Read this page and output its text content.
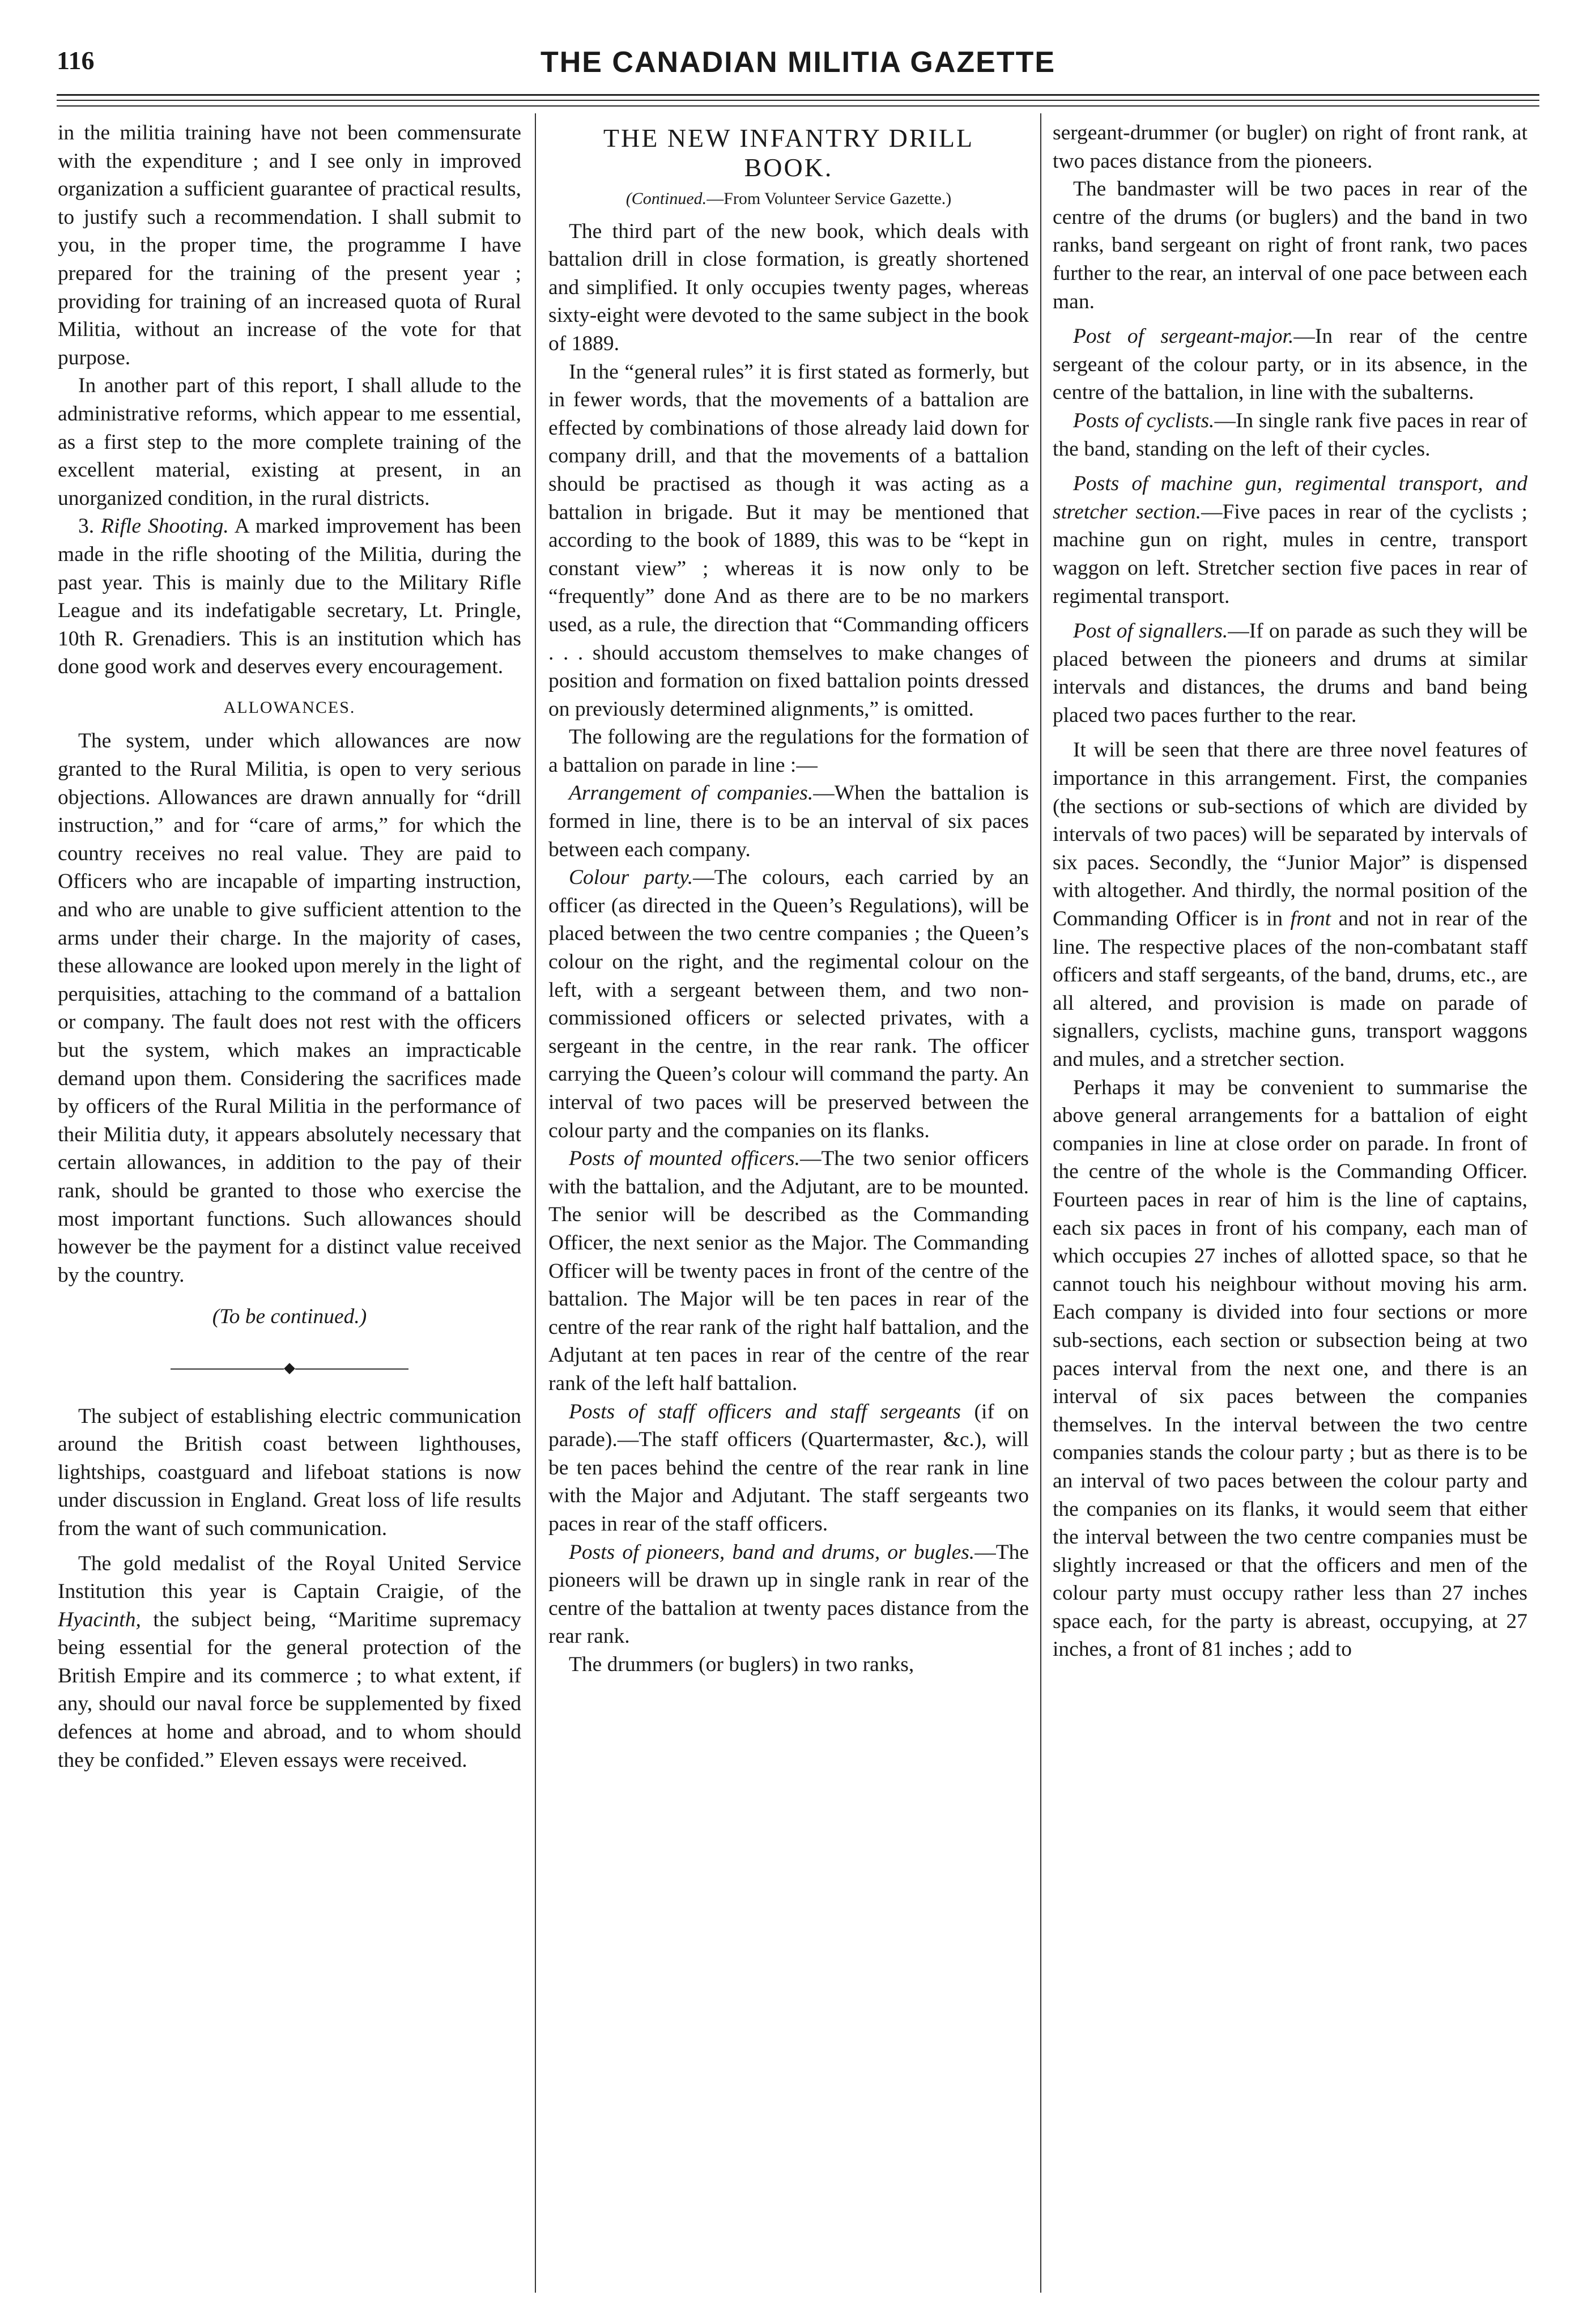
116	THE CANADIAN MILITIA GAZETTE

in the militia training have not been commensurate with the expenditure ; and I see only in improved organization a sufficient guarantee of practical results, to justify such a recommendation. I shall submit to you, in the proper time, the programme I have prepared for the training of the present year ; providing for training of an increased quota of Rural Militia, without an increase of the vote for that purpose.

In another part of this report, I shall allude to the administrative reforms, which appear to me essential, as a first step to the more complete training of the excellent material, existing at present, in an unorganized condition, in the rural districts.

3. Rifle Shooting. A marked improvement has been made in the rifle shooting of the Militia, during the past year. This is mainly due to the Military Rifle League and its indefatigable secretary, Lt. Pringle, 10th R. Grenadiers. This is an institution which has done good work and deserves every encouragement.

ALLOWANCES.

The system, under which allowances are now granted to the Rural Militia, is open to very serious objections. Allowances are drawn annually for “drill instruction,” and for “care of arms,” for which the country receives no real value. They are paid to Officers who are incapable of imparting instruction, and who are unable to give sufficient attention to the arms under their charge. In the majority of cases, these allowance are looked upon merely in the light of perquisities, attaching to the command of a battalion or company. The fault does not rest with the officers but the system, which makes an impracticable demand upon them. Considering the sacrifices made by officers of the Rural Militia in the performance of their Militia duty, it appears absolutely necessary that certain allowances, in addition to the pay of their rank, should be granted to those who exercise the most important functions. Such allowances should however be the payment for a distinct value received by the country.

(To be continued.)

◆

The subject of establishing electric communication around the British coast between lighthouses, lightships, coastguard and lifeboat stations is now under discussion in England. Great loss of life results from the want of such communication.

The gold medalist of the Royal United Service Institution this year is Captain Craigie, of the Hyacinth, the subject being, “Maritime supremacy being essential for the general protection of the British Empire and its commerce ; to what extent, if any, should our naval force be supplemented by fixed defences at home and abroad, and to whom should they be confided.” Eleven essays were received.

THE NEW INFANTRY DRILL
BOOK.
(Continued.—From Volunteer Service Gazette.)

The third part of the new book, which deals with battalion drill in close formation, is greatly shortened and simplified. It only occupies twenty pages, whereas sixty-eight were devoted to the same subject in the book of 1889.

In the “general rules” it is first stated as formerly, but in fewer words, that the movements of a battalion are effected by combinations of those already laid down for company drill, and that the movements of a battalion should be practised as though it was acting as a battalion in brigade. But it may be mentioned that according to the book of 1889, this was to be “kept in constant view” ; whereas it is now only to be “frequently” done And as there are to be no markers used, as a rule, the direction that “Commanding officers . . . should accustom themselves to make changes of position and formation on fixed battalion points dressed on previously determined alignments,” is omitted.

The following are the regulations for the formation of a battalion on parade in line :—

Arrangement of companies.—When the battalion is formed in line, there is to be an interval of six paces between each company.

Colour party.—The colours, each carried by an officer (as directed in the Queen’s Regulations), will be placed between the two centre companies ; the Queen’s colour on the right, and the regimental colour on the left, with a sergeant between them, and two non-commissioned officers or selected privates, with a sergeant in the centre, in the rear rank. The officer carrying the Queen’s colour will command the party. An interval of two paces will be preserved between the colour party and the companies on its flanks.

Posts of mounted officers.—The two senior officers with the battalion, and the Adjutant, are to be mounted. The senior will be described as the Commanding Officer, the next senior as the Major. The Commanding Officer will be twenty paces in front of the centre of the battalion. The Major will be ten paces in rear of the centre of the rear rank of the right half battalion, and the Adjutant at ten paces in rear of the centre of the rear rank of the left half battalion.

Posts of staff officers and staff sergeants (if on parade).—The staff officers (Quartermaster, &c.), will be ten paces behind the centre of the rear rank in line with the Major and Adjutant. The staff sergeants two paces in rear of the staff officers.

Posts of pioneers, band and drums, or bugles.—The pioneers will be drawn up in single rank in rear of the centre of the battalion at twenty paces distance from the rear rank.

The drummers (or buglers) in two ranks,

sergeant-drummer (or bugler) on right of front rank, at two paces distance from the pioneers.

The bandmaster will be two paces in rear of the centre of the drums (or buglers) and the band in two ranks, band sergeant on right of front rank, two paces further to the rear, an interval of one pace between each man.

Post of sergeant-major.—In rear of the centre sergeant of the colour party, or in its absence, in the centre of the battalion, in line with the subalterns.

Posts of cyclists.—In single rank five paces in rear of the band, standing on the left of their cycles.

Posts of machine gun, regimental transport, and stretcher section.—Five paces in rear of the cyclists ; machine gun on right, mules in centre, transport waggon on left. Stretcher section five paces in rear of regimental transport.

Post of signallers.—If on parade as such they will be placed between the pioneers and drums at similar intervals and distances, the drums and band being placed two paces further to the rear.

It will be seen that there are three novel features of importance in this arrangement. First, the companies (the sections or sub-sections of which are divided by intervals of two paces) will be separated by intervals of six paces. Secondly, the “Junior Major” is dispensed with altogether. And thirdly, the normal position of the Commanding Officer is in front and not in rear of the line. The respective places of the non-combatant staff officers and staff sergeants, of the band, drums, etc., are all altered, and provision is made on parade of signallers, cyclists, machine guns, transport waggons and mules, and a stretcher section.

Perhaps it may be convenient to summarise the above general arrangements for a battalion of eight companies in line at close order on parade. In front of the centre of the whole is the Commanding Officer. Fourteen paces in rear of him is the line of captains, each six paces in front of his company, each man of which occupies 27 inches of allotted space, so that he cannot touch his neighbour without moving his arm. Each company is divided into four sections or more sub-sections, each section or subsection being at two paces interval from the next one, and there is an interval of six paces between the companies themselves. In the interval between the two centre companies stands the colour party ; but as there is to be an interval of two paces between the colour party and the companies on its flanks, it would seem that either the interval between the two centre companies must be slightly increased or that the officers and men of the colour party must occupy rather less than 27 inches space each, for the party is abreast, occupying, at 27 inches, a front of 81 inches ; add to
